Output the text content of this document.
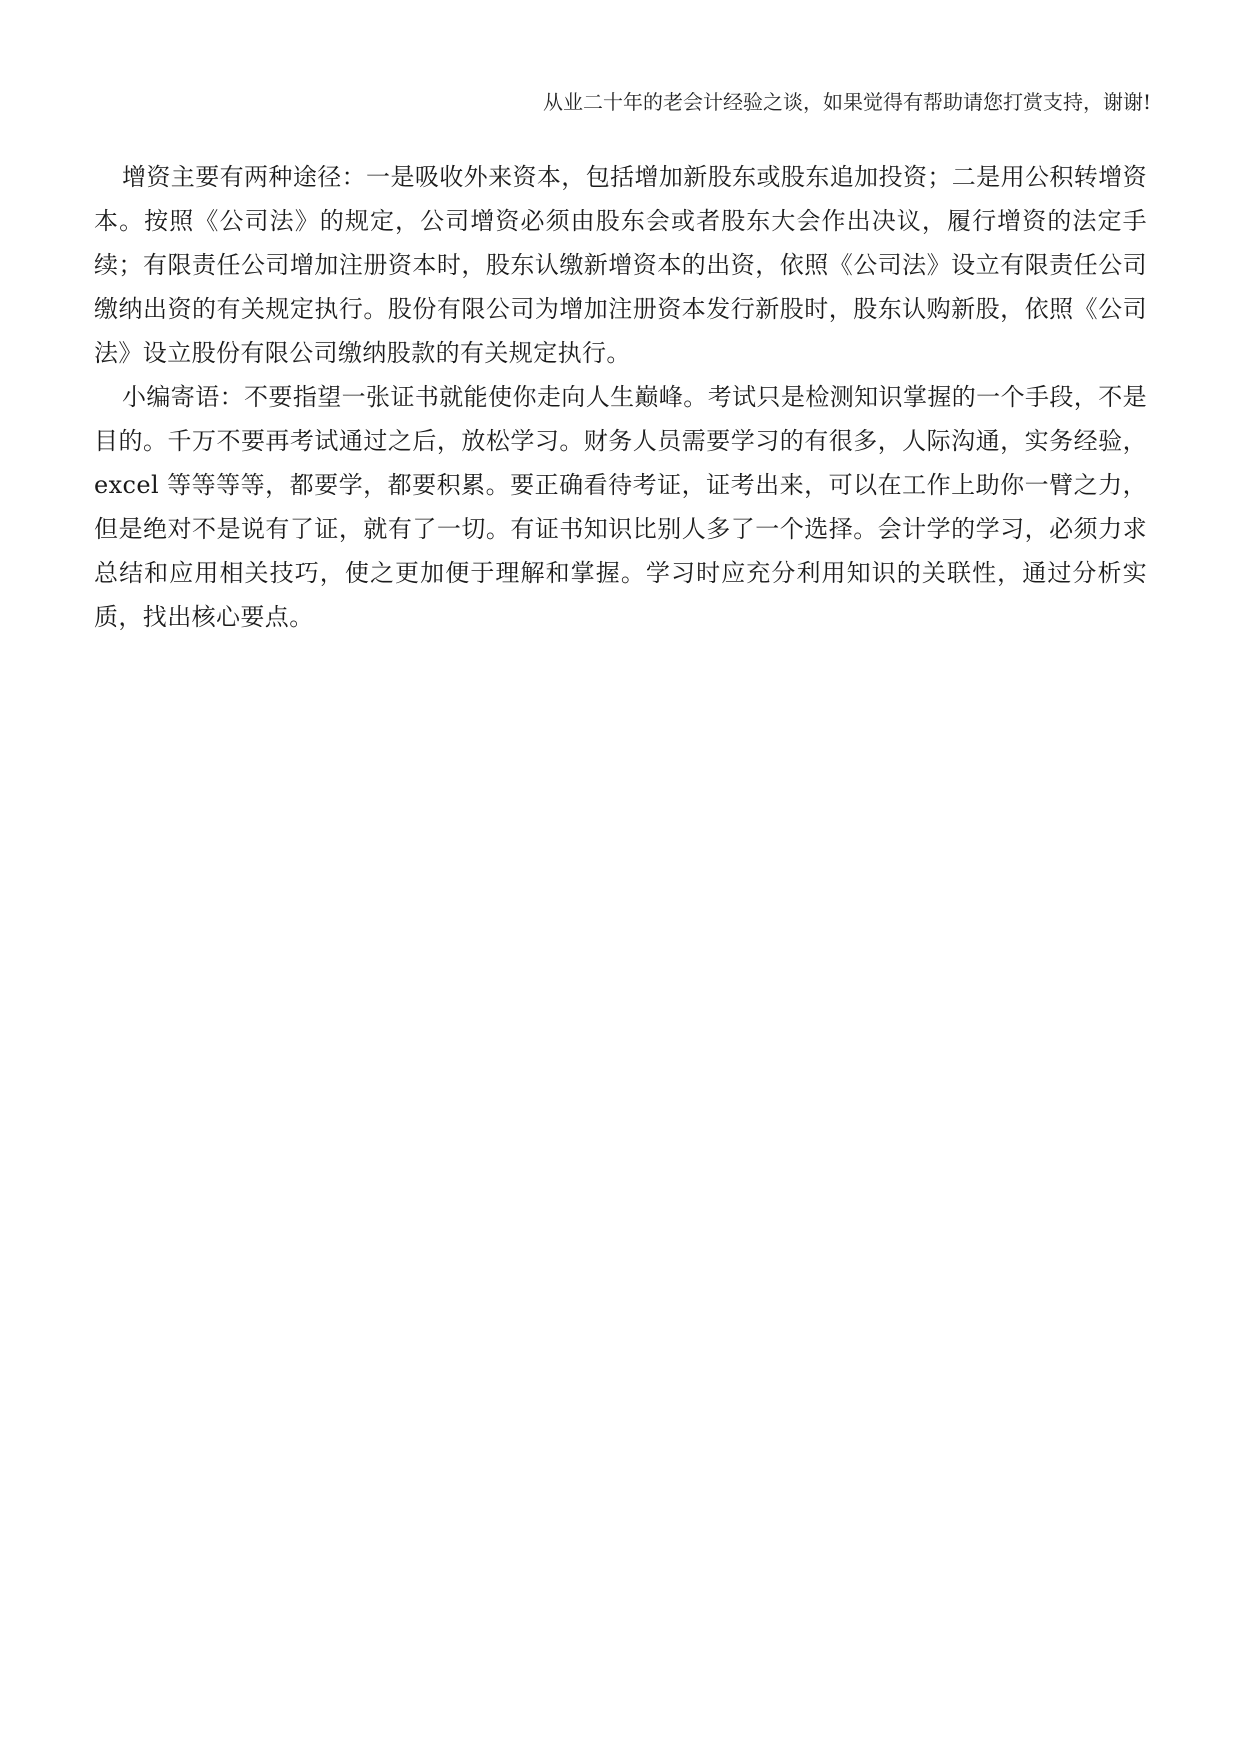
从业二十年的老会计经验之谈，如果觉得有帮助请您打赏支持，谢谢!

增资主要有两种途径：一是吸收外来资本，包括增加新股东或股东追加投资；二是用公积转增资本。按照《公司法》的规定，公司增资必须由股东会或者股东大会作出决议，履行增资的法定手续；有限责任公司增加注册资本时，股东认缴新增资本的出资，依照《公司法》设立有限责任公司缴纳出资的有关规定执行。股份有限公司为增加注册资本发行新股时，股东认购新股，依照《公司法》设立股份有限公司缴纳股款的有关规定执行。

小编寄语：不要指望一张证书就能使你走向人生巅峰。考试只是检测知识掌握的一个手段，不是目的。千万不要再考试通过之后，放松学习。财务人员需要学习的有很多，人际沟通，实务经验，excel 等等等等，都要学，都要积累。要正确看待考证，证考出来，可以在工作上助你一臂之力，但是绝对不是说有了证，就有了一切。有证书知识比别人多了一个选择。会计学的学习，必须力求总结和应用相关技巧，使之更加便于理解和掌握。学习时应充分利用知识的关联性，通过分析实质，找出核心要点。
